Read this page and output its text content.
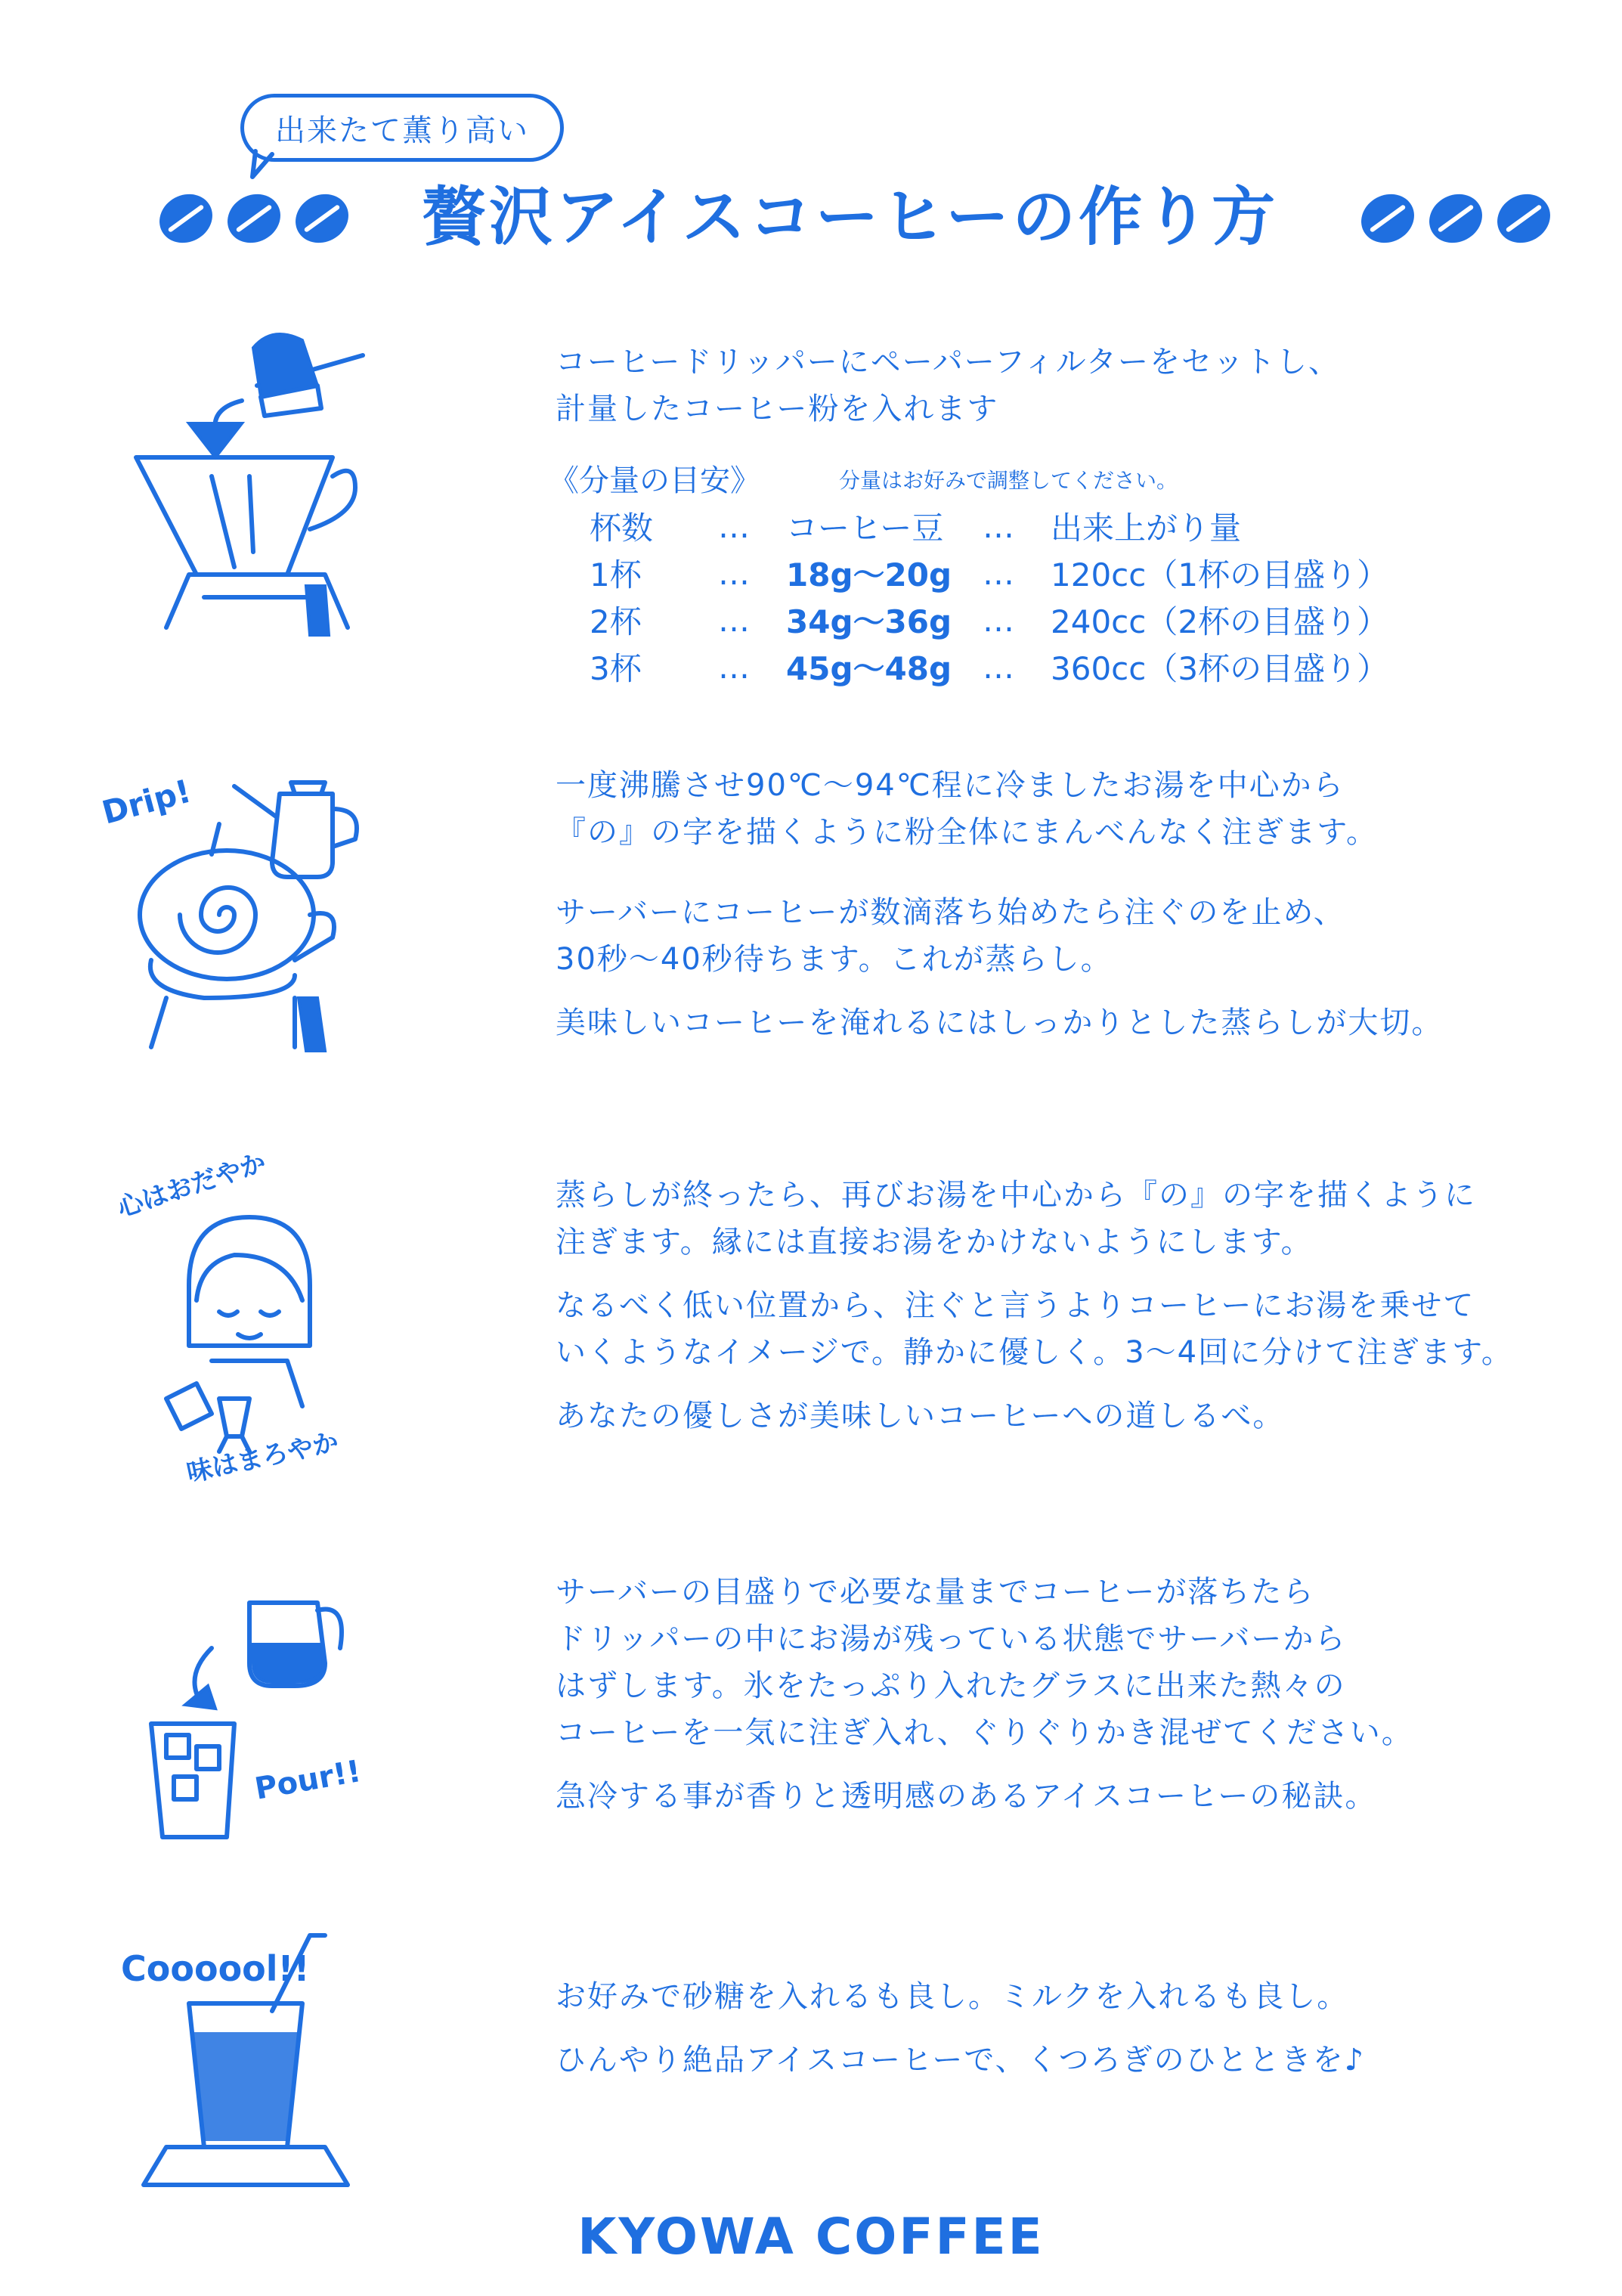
出来たて薫り高い
贅沢アイスコーヒーの作り方

コーヒードリッパーにペーパーフィルターをセットし、

計量したコーヒー粉を入れます

《分量の目安》	分量はお好みで調整してください。
杯数	…	コーヒー豆	…	出来上がり量
1杯	…	18g〜20g	…	120cc（1杯の目盛り）
2杯	…	34g〜36g	…	240cc（2杯の目盛り）
3杯	…	45g〜48g	…	360cc（3杯の目盛り）
Drip!	一度沸騰させ90℃〜94℃程に冷ましたお湯を中心から

『の』の字を描くように粉全体にまんべんなく注ぎます。

サーバーにコーヒーが数滴落ち始めたら注ぐのを止め、

30秒〜40秒待ちます。これが蒸らし。

美味しいコーヒーを淹れるにはしっかりとした蒸らしが大切。

心はおだやか
味はまろやか

蒸らしが終ったら、再びお湯を中心から『の』の字を描くように

注ぎます。縁には直接お湯をかけないようにします。

なるべく低い位置から、注ぐと言うよりコーヒーにお湯を乗せて

いくようなイメージで。静かに優しく。3〜4回に分けて注ぎます。

あなたの優しさが美味しいコーヒーへの道しるべ。

Pour!!

サーバーの目盛りで必要な量までコーヒーが落ちたら

ドリッパーの中にお湯が残っている状態でサーバーから

はずします。氷をたっぷり入れたグラスに出来た熱々の

コーヒーを一気に注ぎ入れ、ぐりぐりかき混ぜてください。

急冷する事が香りと透明感のあるアイスコーヒーの秘訣。

Coooool!!

お好みで砂糖を入れるも良し。ミルクを入れるも良し。

ひんやり絶品アイスコーヒーで、くつろぎのひとときを♪

KYOWA COFFEE
